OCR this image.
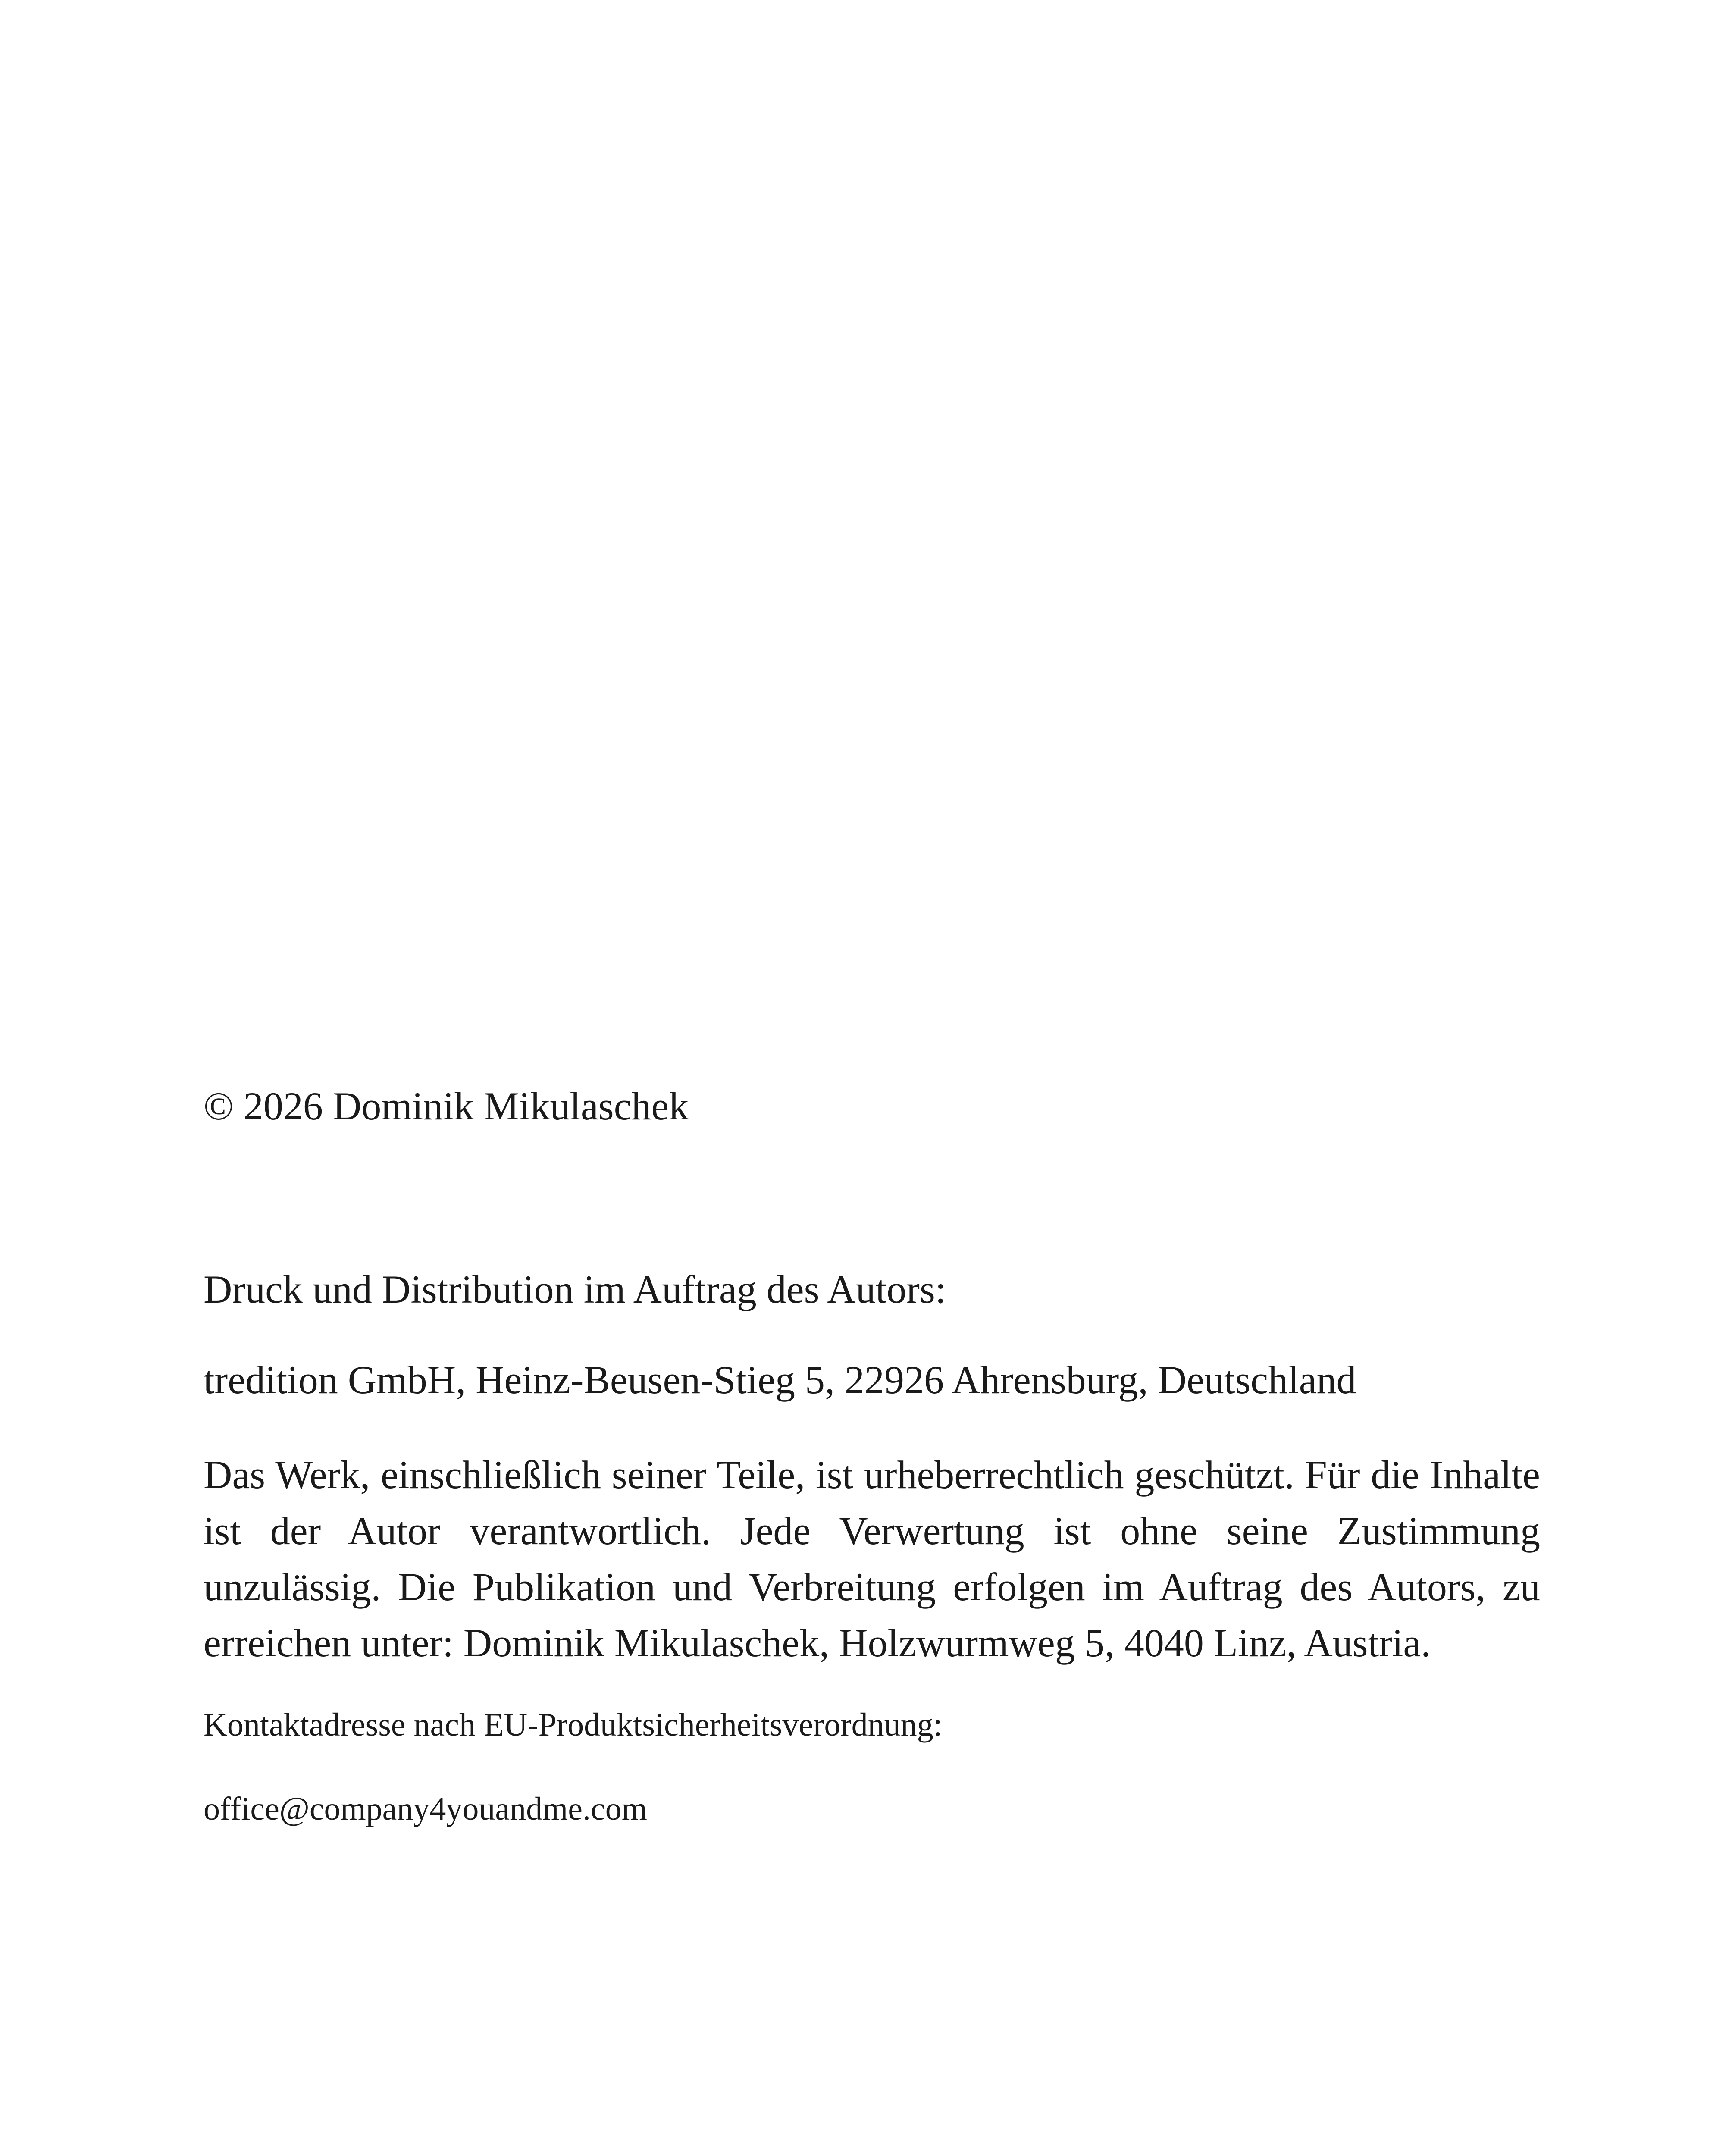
© 2026 Dominik Mikulaschek

Druck und Distribution im Auftrag des Autors:

tredition GmbH, Heinz-Beusen-Stieg 5, 22926 Ahrensburg, Deutschland

Das Werk, einschließlich seiner Teile, ist urheberrechtlich geschützt. Für die Inhalte ist der Autor verantwortlich. Jede Verwertung ist ohne seine Zustimmung unzulässig. Die Publikation und Verbreitung erfolgen im Auftrag des Autors, zu erreichen unter: Dominik Mikulaschek, Holzwurmweg 5, 4040 Linz, Austria.

Kontaktadresse nach EU-Produktsicherheitsverordnung:

office@company4youandme.com
